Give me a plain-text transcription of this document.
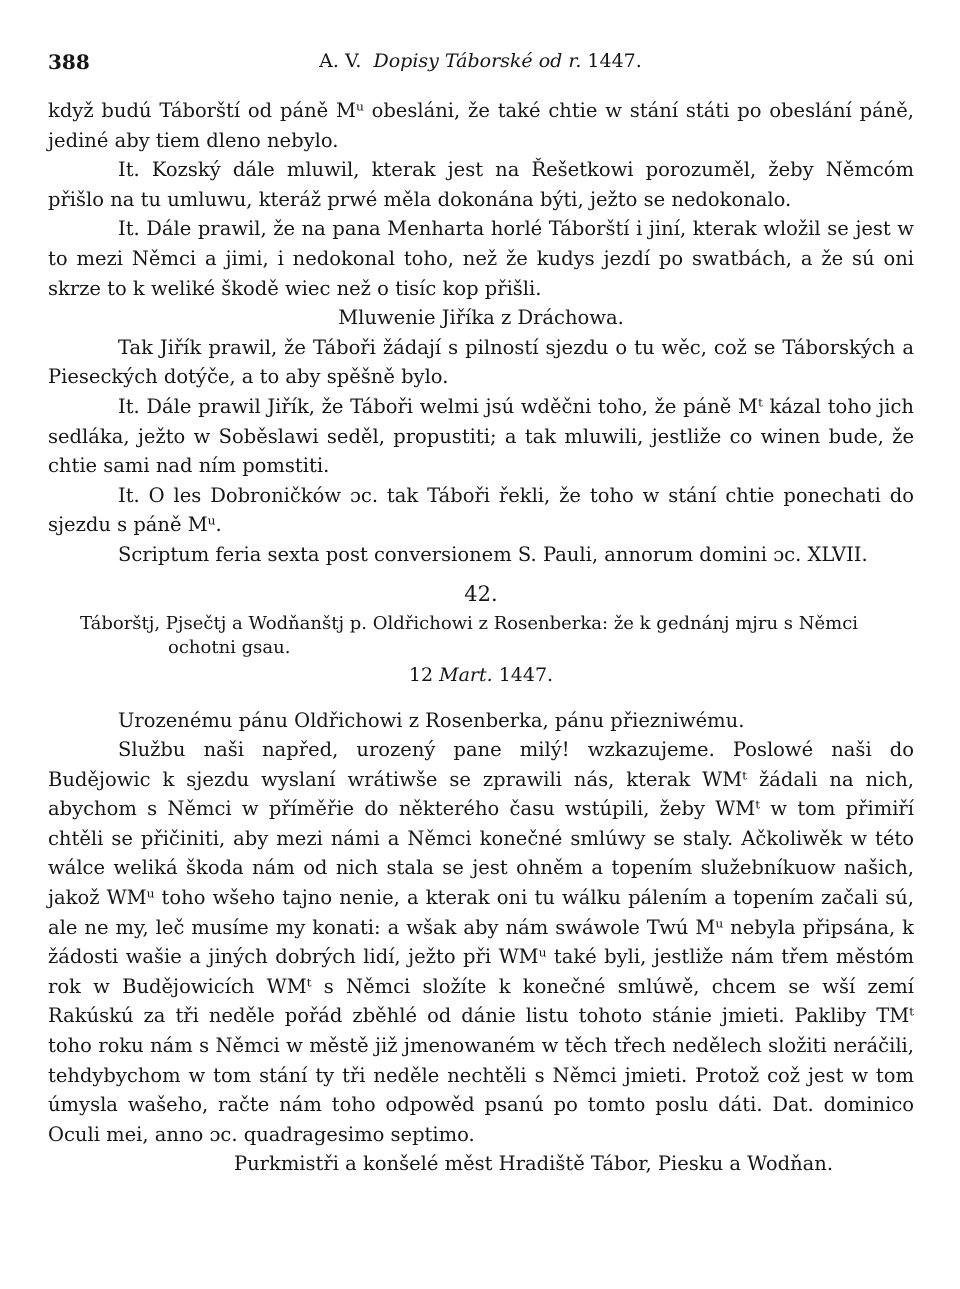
388	A. V. Dopisy Táborské od r. 1447.

když budú Táborští od páně Mᵘ obesláni, že také chtie w stání státi po obeslání páně, jediné aby tiem dleno nebylo.

It. Kozský dále mluwil, kterak jest na Řešetkowi porozuměl, žeby Němcóm přišlo na tu umluwu, kteráž prwé měla dokonána býti, ježto se nedokonalo.

It. Dále prawil, že na pana Menharta horlé Táborští i jiní, kterak wložil se jest w to mezi Němci a jimi, i nedokonal toho, než že kudys jezdí po swatbách, a že sú oni skrze to k weliké škodě wiec než o tisíc kop přišli.

Mluwenie Jiříka z Dráchowa.

Tak Jiřík prawil, že Táboři žádají s pilností sjezdu o tu wěc, což se Táborských a Pieseckých dotýče, a to aby spěšně bylo.

It. Dále prawil Jiřík, že Táboři welmi jsú wděčni toho, že páně Mᵗ kázal toho jich sedláka, ježto w Soběslawi seděl, propustiti; a tak mluwili, jestliže co winen bude, že chtie sami nad ním pomstiti.

It. O les Dobroničków ɔc. tak Táboři řekli, že toho w stání chtie ponechati do sjezdu s páně Mᵘ.

Scriptum feria sexta post conversionem S. Pauli, annorum domini ɔc. XLVII.

42.

Táborštj, Pjsečtj a Wodňanštj p. Oldřichowi z Rosenberka: že k gednánj mjru s Němci ochotni gsau.

12 Mart. 1447.

Urozenému pánu Oldřichowi z Rosenberka, pánu přiezniwému.

Službu naši napřed, urozený pane milý! wzkazujeme. Poslowé naši do Budějowic k sjezdu wyslaní wrátiwše se zprawili nás, kterak WMᵗ žádali na nich, abychom s Němci w příměřie do některého času wstúpili, žeby WMᵗ w tom přimiří chtěli se přičiniti, aby mezi námi a Němci konečné smlúwy se staly. Ačkoliwěk w této wálce weliká škoda nám od nich stala se jest ohněm a topením služebníkuow našich, jakož WMᵘ toho wšeho tajno nenie, a kterak oni tu wálku pálením a topením začali sú, ale ne my, leč musíme my konati: a wšak aby nám swáwole Twú Mᵘ nebyla připsána, k žádosti wašie a jiných dobrých lidí, ježto při WMᵘ také byli, jestliže nám třem městóm rok w Budějowicích WMᵗ s Němci složíte k konečné smlúwě, chcem se wší zemí Rakúskú za tři neděle pořád zběhlé od dánie listu tohoto stánie jmieti. Pakliby TMᵗ toho roku nám s Němci w městě již jmenowaném w těch třech nedělech složiti neráčili, tehdybychom w tom stání ty tři neděle nechtěli s Němci jmieti. Protož což jest w tom úmysla wašeho, račte nám toho odpowěd psanú po tomto poslu dáti. Dat. dominico Oculi mei, anno ɔc. quadragesimo septimo.

Purkmistři a konšelé měst Hradiště Tábor, Piesku a Wodňan.
